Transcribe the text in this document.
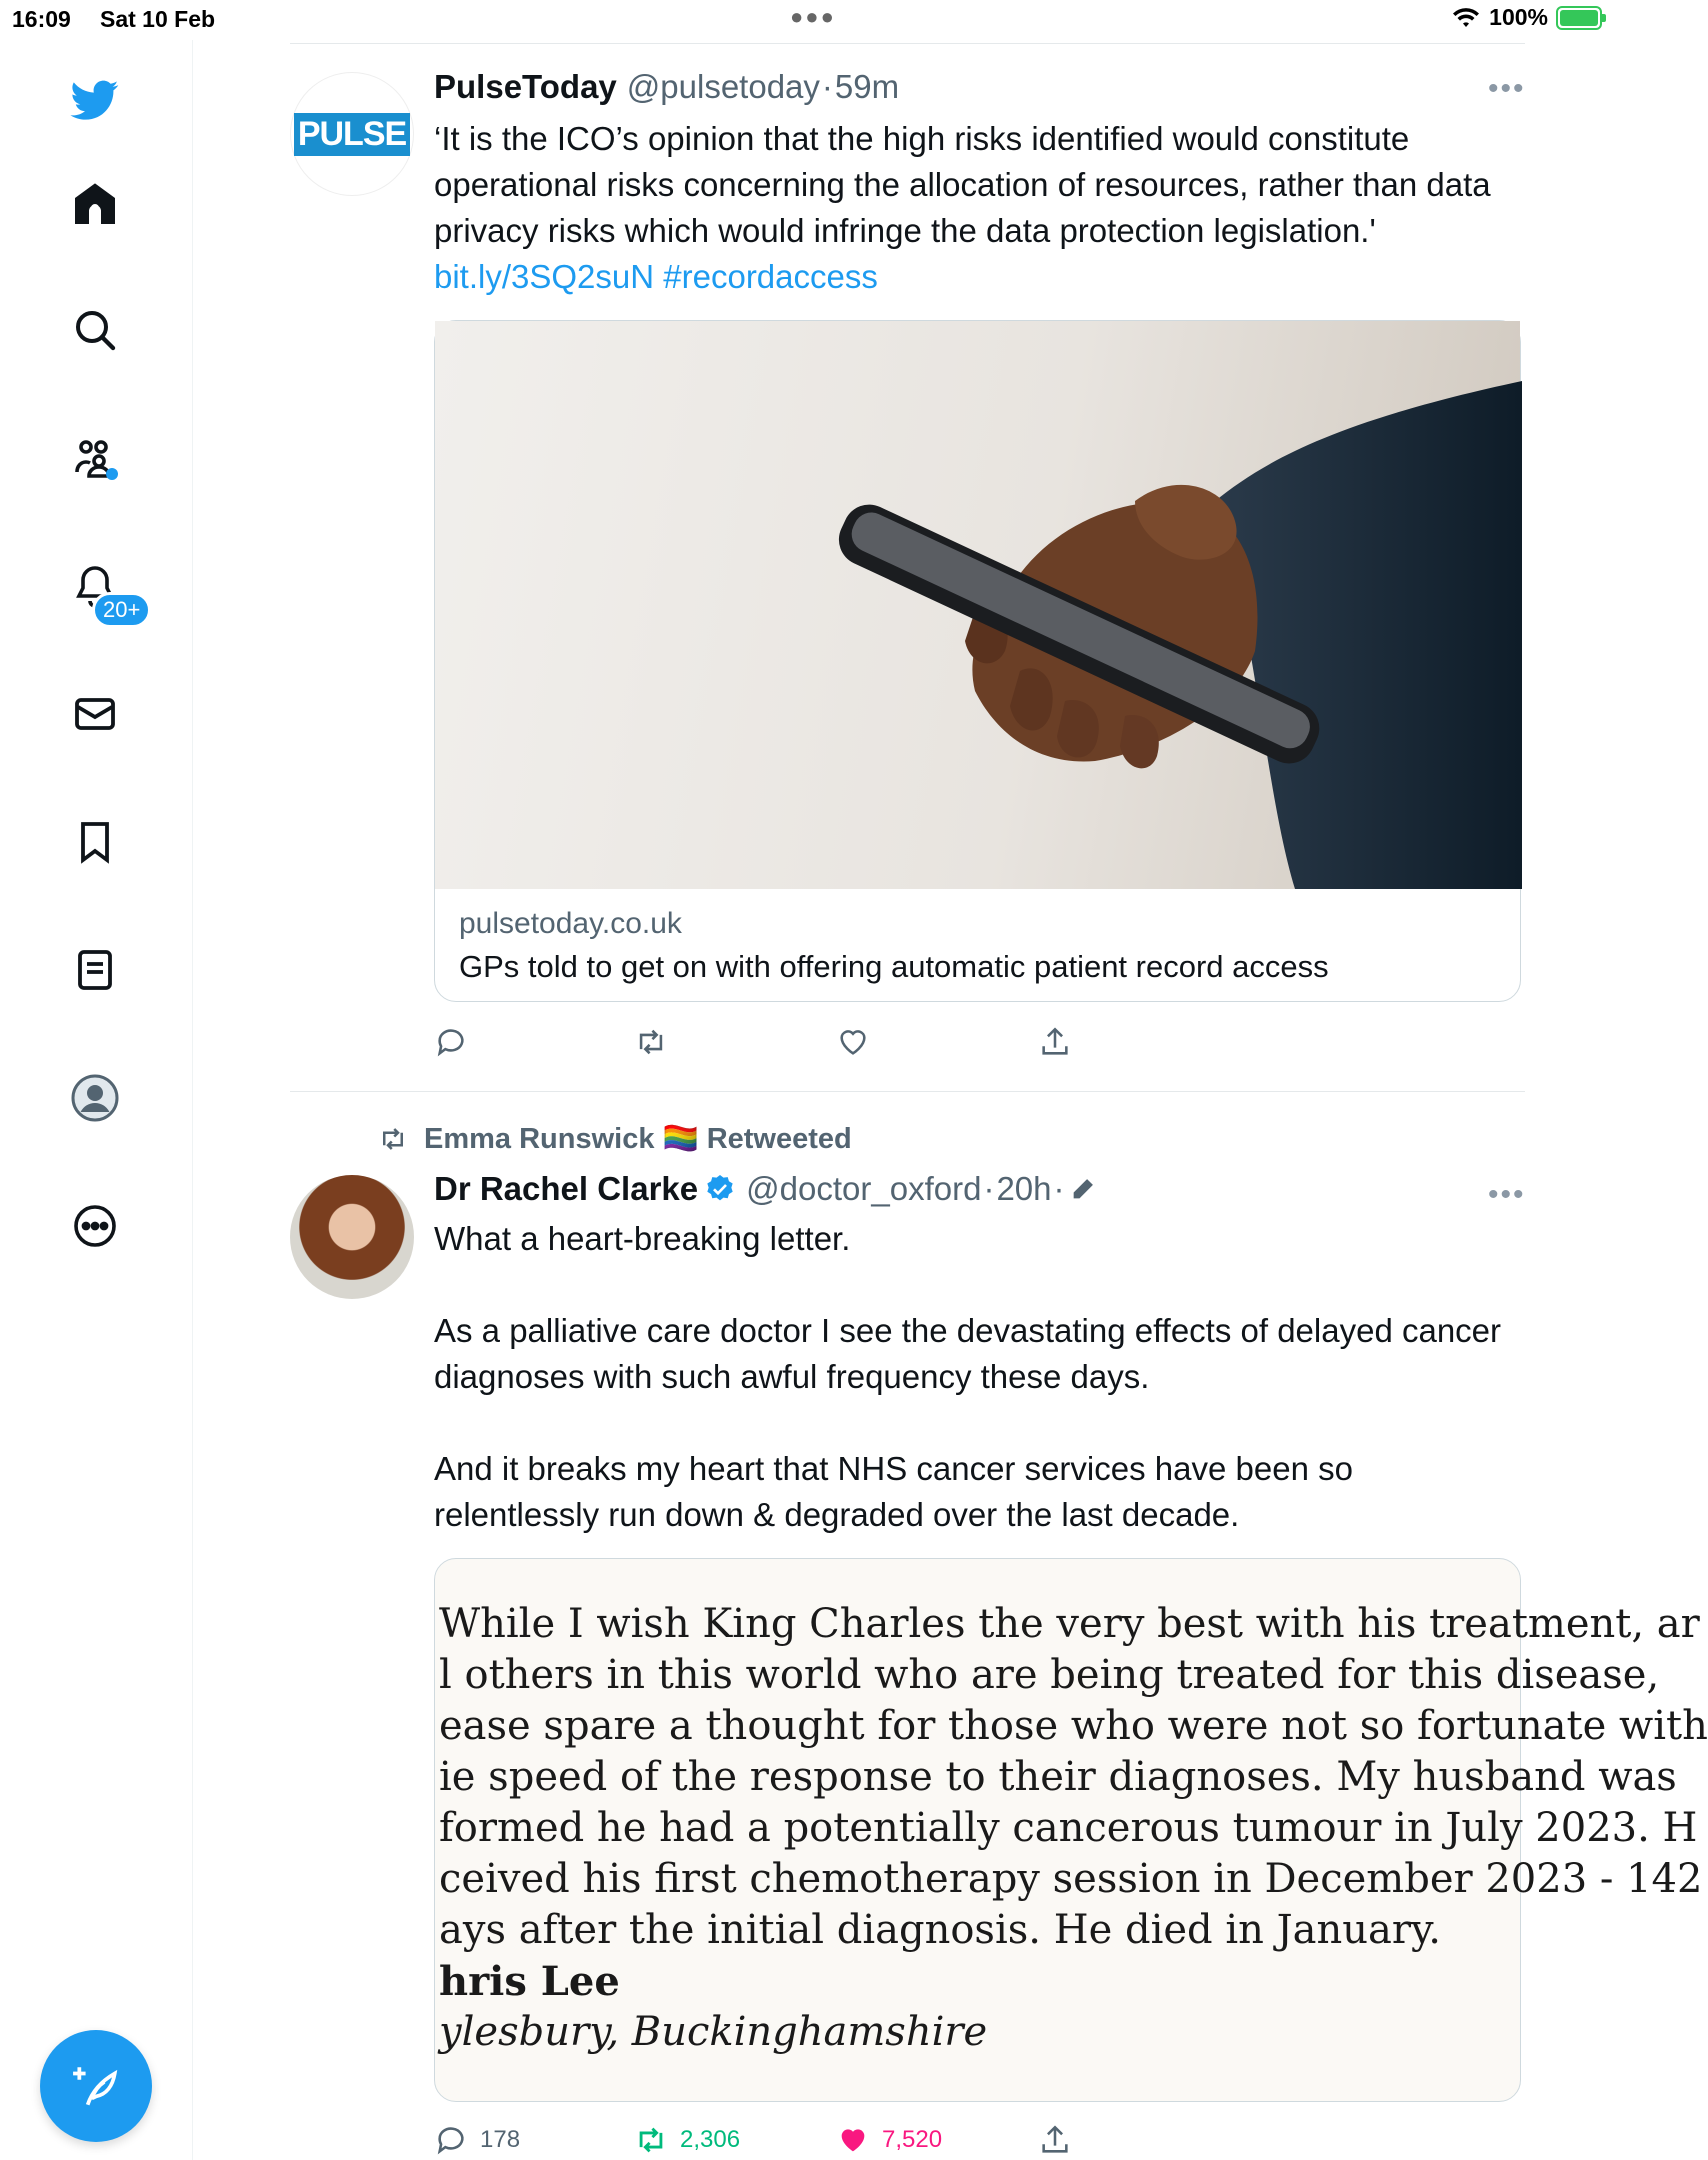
16:09 Sat 10 Feb	●●●	100%
20+
PULSE
PulseToday @pulsetoday · 59m	•••
‘It is the ICO’s opinion that the high risks identified would constitute operational risks concerning the allocation of resources, rather than data privacy risks which would infringe the data protection legislation.'
bit.ly/3SQ2suN #recordaccess
pulsetoday.co.uk
GPs told to get on with offering automatic patient record access
Emma Runswick 🏳️‍🌈 Retweeted
Dr Rachel Clarke @doctor_oxford · 20h ·	•••
What a heart-breaking letter.
As a palliative care doctor I see the devastating effects of delayed cancer diagnoses with such awful frequency these days.
And it breaks my heart that NHS cancer services have been so relentlessly run down & degraded over the last decade.
While I wish King Charles the very best with his treatment, ar
l others in this world who are being treated for this disease,
ease spare a thought for those who were not so fortunate with
ie speed of the response to their diagnoses. My husband was
formed he had a potentially cancerous tumour in July 2023. H
ceived his first chemotherapy session in December 2023 - 142
ays after the initial diagnosis. He died in January.
hris Lee
ylesbury, Buckinghamshire
178	2,306	7,520
